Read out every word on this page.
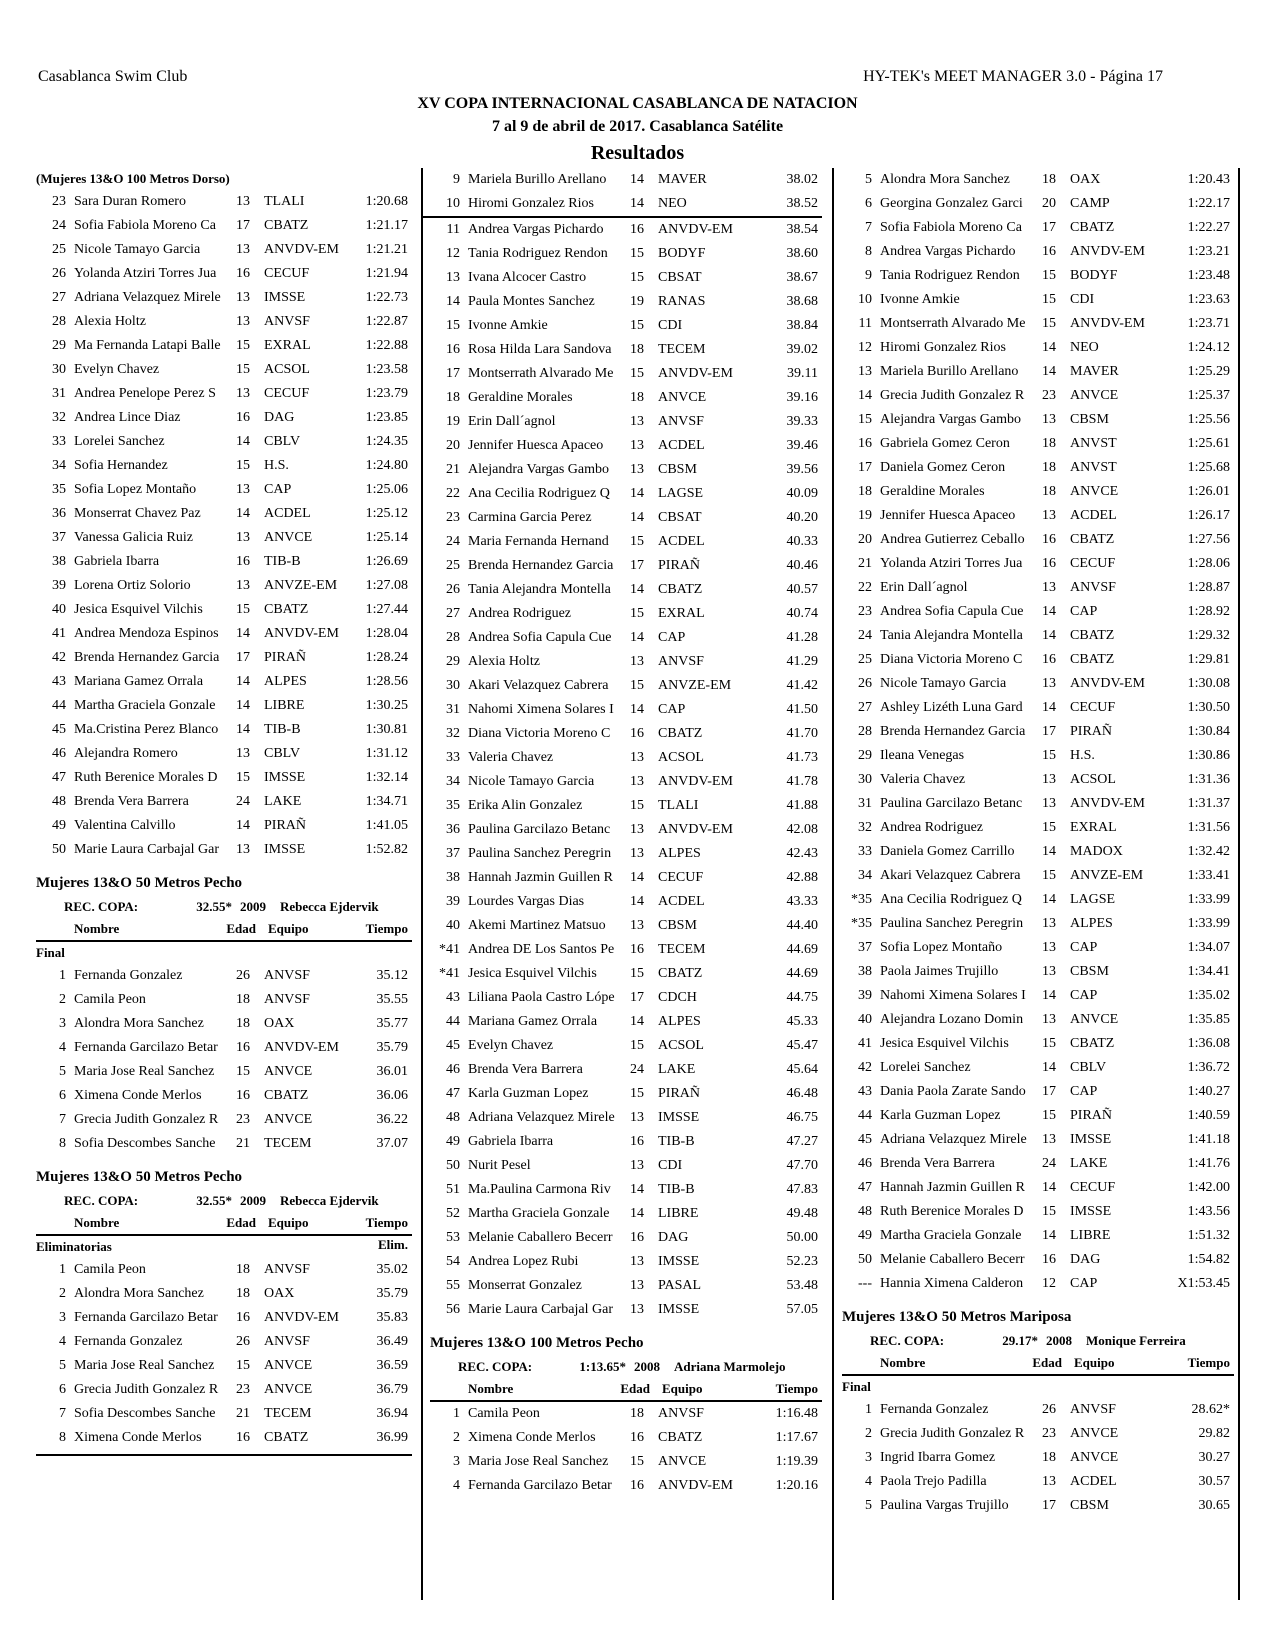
Casablanca Swim Club	HY-TEK's MEET MANAGER 3.0 - Página 17
XV COPA INTERNACIONAL CASABLANCA DE NATACION
7 al 9 de abril de 2017. Casablanca Satélite
Resultados
(Mujeres 13&O 100 Metros Dorso)
23 Sara Duran Romero	13	TLALI	1:20.68
24 Sofia Fabiola Moreno Ca	17	CBATZ	1:21.17
25 Nicole Tamayo Garcia	13	ANVDV-EM	1:21.21
26 Yolanda Atziri Torres Jua	16	CECUF	1:21.94
27 Adriana Velazquez Mirele	13	IMSSE	1:22.73
28 Alexia Holtz	13	ANVSF	1:22.87
29 Ma Fernanda Latapi Balle	15	EXRAL	1:22.88
30 Evelyn Chavez	15	ACSOL	1:23.58
31 Andrea Penelope Perez S	13	CECUF	1:23.79
32 Andrea Lince Diaz	16	DAG	1:23.85
33 Lorelei Sanchez	14	CBLV	1:24.35
34 Sofia Hernandez	15	H.S.	1:24.80
35 Sofia Lopez Montaño	13	CAP	1:25.06
36 Monserrat Chavez Paz	14	ACDEL	1:25.12
37 Vanessa Galicia Ruiz	13	ANVCE	1:25.14
38 Gabriela Ibarra	16	TIB-B	1:26.69
39 Lorena Ortiz Solorio	13	ANVZE-EM	1:27.08
40 Jesica Esquivel Vilchis	15	CBATZ	1:27.44
41 Andrea Mendoza Espinos	14	ANVDV-EM	1:28.04
42 Brenda Hernandez Garcia	17	PIRAÑ	1:28.24
43 Mariana Gamez Orrala	14	ALPES	1:28.56
44 Martha Graciela Gonzale	14	LIBRE	1:30.25
45 Ma.Cristina Perez Blanco	14	TIB-B	1:30.81
46 Alejandra Romero	13	CBLV	1:31.12
47 Ruth Berenice Morales D	15	IMSSE	1:32.14
48 Brenda Vera Barrera	24	LAKE	1:34.71
49 Valentina Calvillo	14	PIRAÑ	1:41.05
50 Marie Laura Carbajal Gar	13	IMSSE	1:52.82
Mujeres 13&O 50 Metros Pecho
REC. COPA:	32.55* 2009	Rebecca Ejdervik
Nombre	Edad Equipo	Tiempo
Final
1 Fernanda Gonzalez	26	ANVSF	35.12
2 Camila Peon	18	ANVSF	35.55
3 Alondra Mora Sanchez	18	OAX	35.77
4 Fernanda Garcilazo Betar	16	ANVDV-EM	35.79
5 Maria Jose Real Sanchez	15	ANVCE	36.01
6 Ximena Conde Merlos	16	CBATZ	36.06
7 Grecia Judith Gonzalez R	23	ANVCE	36.22
8 Sofia Descombes Sanche	21	TECEM	37.07
Mujeres 13&O 50 Metros Pecho
REC. COPA:	32.55* 2009	Rebecca Ejdervik
Nombre	Edad Equipo	Tiempo Elim.
Eliminatorias
1 Camila Peon	18	ANVSF	35.02
2 Alondra Mora Sanchez	18	OAX	35.79
3 Fernanda Garcilazo Betar	16	ANVDV-EM	35.83
4 Fernanda Gonzalez	26	ANVSF	36.49
5 Maria Jose Real Sanchez	15	ANVCE	36.59
6 Grecia Judith Gonzalez R	23	ANVCE	36.79
7 Sofia Descombes Sanche	21	TECEM	36.94
8 Ximena Conde Merlos	16	CBATZ	36.99
9 Mariela Burillo Arellano	14	MAVER	38.02
10 Hiromi Gonzalez Rios	14	NEO	38.52
11 Andrea Vargas Pichardo	16	ANVDV-EM	38.54
12 Tania Rodriguez Rendon	15	BODYF	38.60
13 Ivana Alcocer Castro	15	CBSAT	38.67
14 Paula Montes Sanchez	19	RANAS	38.68
15 Ivonne Amkie	15	CDI	38.84
16 Rosa Hilda Lara Sandova	18	TECEM	39.02
17 Montserrath Alvarado Me	15	ANVDV-EM	39.11
18 Geraldine Morales	18	ANVCE	39.16
19 Erin Dall´agnol	13	ANVSF	39.33
20 Jennifer Huesca Apaceo	13	ACDEL	39.46
21 Alejandra Vargas Gambo	13	CBSM	39.56
22 Ana Cecilia Rodriguez Q	14	LAGSE	40.09
23 Carmina Garcia Perez	14	CBSAT	40.20
24 Maria Fernanda Hernand	15	ACDEL	40.33
25 Brenda Hernandez Garcia	17	PIRAÑ	40.46
26 Tania Alejandra Montella	14	CBATZ	40.57
27 Andrea Rodriguez	15	EXRAL	40.74
28 Andrea Sofia Capula Cue	14	CAP	41.28
29 Alexia Holtz	13	ANVSF	41.29
30 Akari Velazquez Cabrera	15	ANVZE-EM	41.42
31 Nahomi Ximena Solares I	14	CAP	41.50
32 Diana Victoria Moreno C	16	CBATZ	41.70
33 Valeria Chavez	13	ACSOL	41.73
34 Nicole Tamayo Garcia	13	ANVDV-EM	41.78
35 Erika Alin Gonzalez	15	TLALI	41.88
36 Paulina Garcilazo Betanc	13	ANVDV-EM	42.08
37 Paulina Sanchez Peregrin	13	ALPES	42.43
38 Hannah Jazmin Guillen R	14	CECUF	42.88
39 Lourdes Vargas Dias	14	ACDEL	43.33
40 Akemi Martinez Matsuo	13	CBSM	44.40
*41 Andrea DE Los Santos Pe	16	TECEM	44.69
*41 Jesica Esquivel Vilchis	15	CBATZ	44.69
43 Liliana Paola Castro Lópe	17	CDCH	44.75
44 Mariana Gamez Orrala	14	ALPES	45.33
45 Evelyn Chavez	15	ACSOL	45.47
46 Brenda Vera Barrera	24	LAKE	45.64
47 Karla Guzman Lopez	15	PIRAÑ	46.48
48 Adriana Velazquez Mirele	13	IMSSE	46.75
49 Gabriela Ibarra	16	TIB-B	47.27
50 Nurit Pesel	13	CDI	47.70
51 Ma.Paulina Carmona Riv	14	TIB-B	47.83
52 Martha Graciela Gonzale	14	LIBRE	49.48
53 Melanie Caballero Becerr	16	DAG	50.00
54 Andrea Lopez Rubi	13	IMSSE	52.23
55 Monserrat Gonzalez	13	PASAL	53.48
56 Marie Laura Carbajal Gar	13	IMSSE	57.05
Mujeres 13&O 100 Metros Pecho
REC. COPA:	1:13.65* 2008	Adriana Marmolejo
Nombre	Edad Equipo	Tiempo
1 Camila Peon	18	ANVSF	1:16.48
2 Ximena Conde Merlos	16	CBATZ	1:17.67
3 Maria Jose Real Sanchez	15	ANVCE	1:19.39
4 Fernanda Garcilazo Betar	16	ANVDV-EM	1:20.16
5 Alondra Mora Sanchez	18	OAX	1:20.43
6 Georgina Gonzalez Garci	20	CAMP	1:22.17
7 Sofia Fabiola Moreno Ca	17	CBATZ	1:22.27
8 Andrea Vargas Pichardo	16	ANVDV-EM	1:23.21
9 Tania Rodriguez Rendon	15	BODYF	1:23.48
10 Ivonne Amkie	15	CDI	1:23.63
11 Montserrath Alvarado Me	15	ANVDV-EM	1:23.71
12 Hiromi Gonzalez Rios	14	NEO	1:24.12
13 Mariela Burillo Arellano	14	MAVER	1:25.29
14 Grecia Judith Gonzalez R	23	ANVCE	1:25.37
15 Alejandra Vargas Gambo	13	CBSM	1:25.56
16 Gabriela Gomez Ceron	18	ANVST	1:25.61
17 Daniela Gomez Ceron	18	ANVST	1:25.68
18 Geraldine Morales	18	ANVCE	1:26.01
19 Jennifer Huesca Apaceo	13	ACDEL	1:26.17
20 Andrea Gutierrez Ceballo	16	CBATZ	1:27.56
21 Yolanda Atziri Torres Jua	16	CECUF	1:28.06
22 Erin Dall´agnol	13	ANVSF	1:28.87
23 Andrea Sofia Capula Cue	14	CAP	1:28.92
24 Tania Alejandra Montella	14	CBATZ	1:29.32
25 Diana Victoria Moreno C	16	CBATZ	1:29.81
26 Nicole Tamayo Garcia	13	ANVDV-EM	1:30.08
27 Ashley Lizéth Luna Gard	14	CECUF	1:30.50
28 Brenda Hernandez Garcia	17	PIRAÑ	1:30.84
29 Ileana Venegas	15	H.S.	1:30.86
30 Valeria Chavez	13	ACSOL	1:31.36
31 Paulina Garcilazo Betanc	13	ANVDV-EM	1:31.37
32 Andrea Rodriguez	15	EXRAL	1:31.56
33 Daniela Gomez Carrillo	14	MADOX	1:32.42
34 Akari Velazquez Cabrera	15	ANVZE-EM	1:33.41
*35 Ana Cecilia Rodriguez Q	14	LAGSE	1:33.99
*35 Paulina Sanchez Peregrin	13	ALPES	1:33.99
37 Sofia Lopez Montaño	13	CAP	1:34.07
38 Paola Jaimes Trujillo	13	CBSM	1:34.41
39 Nahomi Ximena Solares I	14	CAP	1:35.02
40 Alejandra Lozano Domin	13	ANVCE	1:35.85
41 Jesica Esquivel Vilchis	15	CBATZ	1:36.08
42 Lorelei Sanchez	14	CBLV	1:36.72
43 Dania Paola Zarate Sando	17	CAP	1:40.27
44 Karla Guzman Lopez	15	PIRAÑ	1:40.59
45 Adriana Velazquez Mirele	13	IMSSE	1:41.18
46 Brenda Vera Barrera	24	LAKE	1:41.76
47 Hannah Jazmin Guillen R	14	CECUF	1:42.00
48 Ruth Berenice Morales D	15	IMSSE	1:43.56
49 Martha Graciela Gonzale	14	LIBRE	1:51.32
50 Melanie Caballero Becerr	16	DAG	1:54.82
--- Hannia Ximena Calderon	12	CAP	X1:53.45
Mujeres 13&O 50 Metros Mariposa
REC. COPA:	29.17* 2008	Monique Ferreira
Nombre	Edad Equipo	Tiempo
Final
1 Fernanda Gonzalez	26	ANVSF	28.62*
2 Grecia Judith Gonzalez R	23	ANVCE	29.82
3 Ingrid Ibarra Gomez	18	ANVCE	30.27
4 Paola Trejo Padilla	13	ACDEL	30.57
5 Paulina Vargas Trujillo	17	CBSM	30.65
